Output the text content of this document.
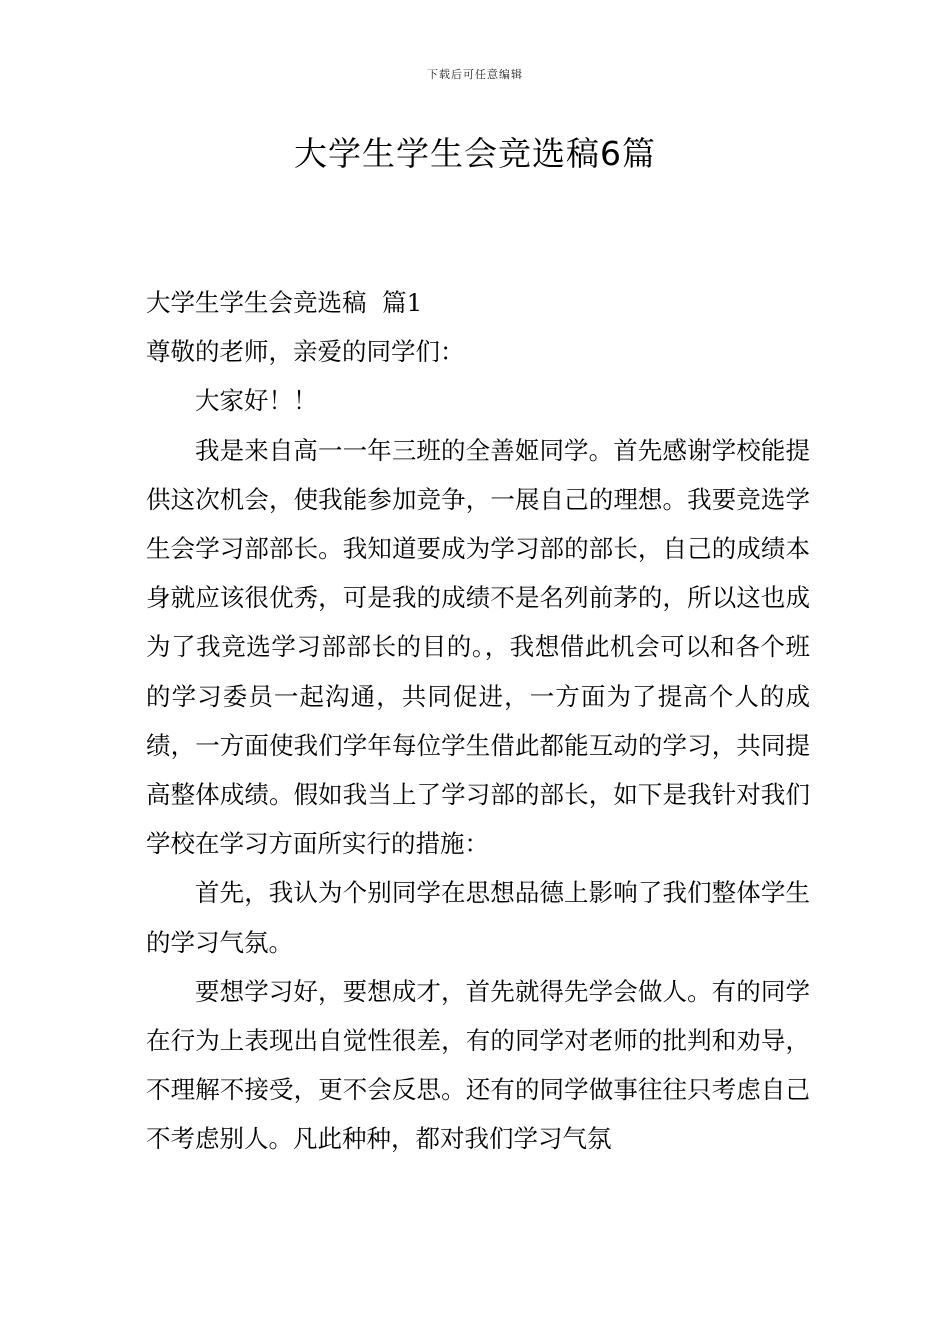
下载后可任意编辑
大学生学生会竞选稿6篇

大学生学生会竞选稿  篇1

尊敬的老师，亲爱的同学们：

大家好！！

我是来自高一一年三班的全善姬同学。首先感谢学校能提供这次机会，使我能参加竞争，一展自己的理想。我要竞选学生会学习部部长。我知道要成为学习部的部长，自己的成绩本身就应该很优秀，可是我的成绩不是名列前茅的，所以这也成为了我竞选学习部部长的目的。，我想借此机会可以和各个班的学习委员一起沟通，共同促进，一方面为了提高个人的成绩，一方面使我们学年每位学生借此都能互动的学习，共同提高整体成绩。假如我当上了学习部的部长，如下是我针对我们学校在学习方面所实行的措施：

首先，我认为个别同学在思想品德上影响了我们整体学生的学习气氛。

要想学习好，要想成才，首先就得先学会做人。有的同学在行为上表现出自觉性很差，有的同学对老师的批判和劝导，不理解不接受，更不会反思。还有的同学做事往往只考虑自己不考虑别人。凡此种种，都对我们学习气氛
